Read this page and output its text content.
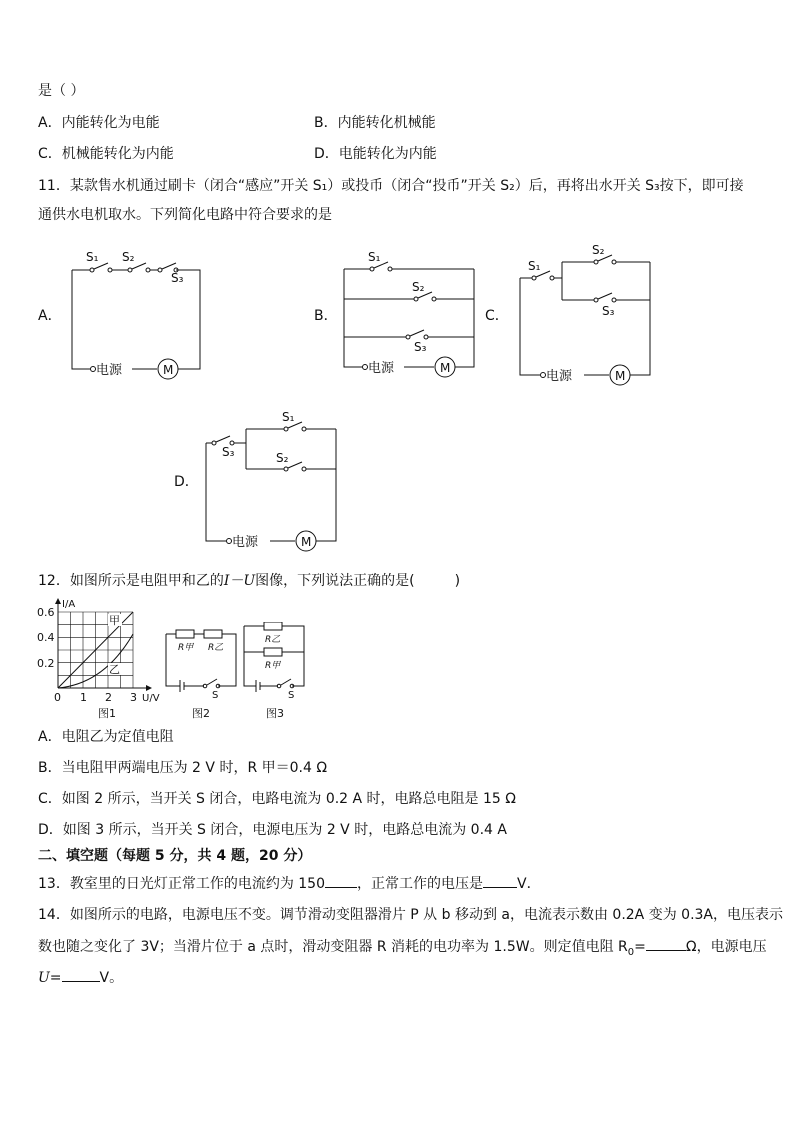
是（ ）
A．内能转化为电能	B．内能转化机械能
C．机械能转化为内能	D．电能转化为内能
11．某款售水机通过刷卡（闭合“感应”开关 S₁）或投币（闭合“投币”开关 S₂）后，再将出水开关 S₃按下，即可接
通供水电机取水。下列简化电路中符合要求的是
A．
电源	M
S₁ S₂
S₃
B．
电源	M
S₁
S₂
S₃
C．
电源	M
S₁
S₂
S₃
D．
电源	M
S₃
S₁
S₂
12．如图所示是电阻甲和乙的I－U图像，下列说法正确的是(	)
I/A
U/V
0.6
0.4
0.2
0 1 2 3
甲
乙
图1
R甲 R乙
S
图2
R乙
R甲
S
图3
A．电阻乙为定值电阻
B．当电阻甲两端电压为 2 V 时，R 甲＝0.4 Ω
C．如图 2 所示，当开关 S 闭合，电路电流为 0.2 A 时，电路总电阻是 15 Ω
D．如图 3 所示，当开关 S 闭合，电源电压为 2 V 时，电路总电流为 0.4 A
二、填空题（每题 5 分，共 4 题，20 分）
13．教室里的日光灯正常工作的电流约为 150 ，正常工作的电压是 V．
14．如图所示的电路，电源电压不变。调节滑动变阻器滑片 P 从 b 移动到 a，电流表示数由 0.2A 变为 0.3A，电压表示
数也随之变化了 3V；当滑片位于 a 点时，滑动变阻器 R 消耗的电功率为 1.5W。则定值电阻 $R_0=$	Ω，电源电压
U=	V。
